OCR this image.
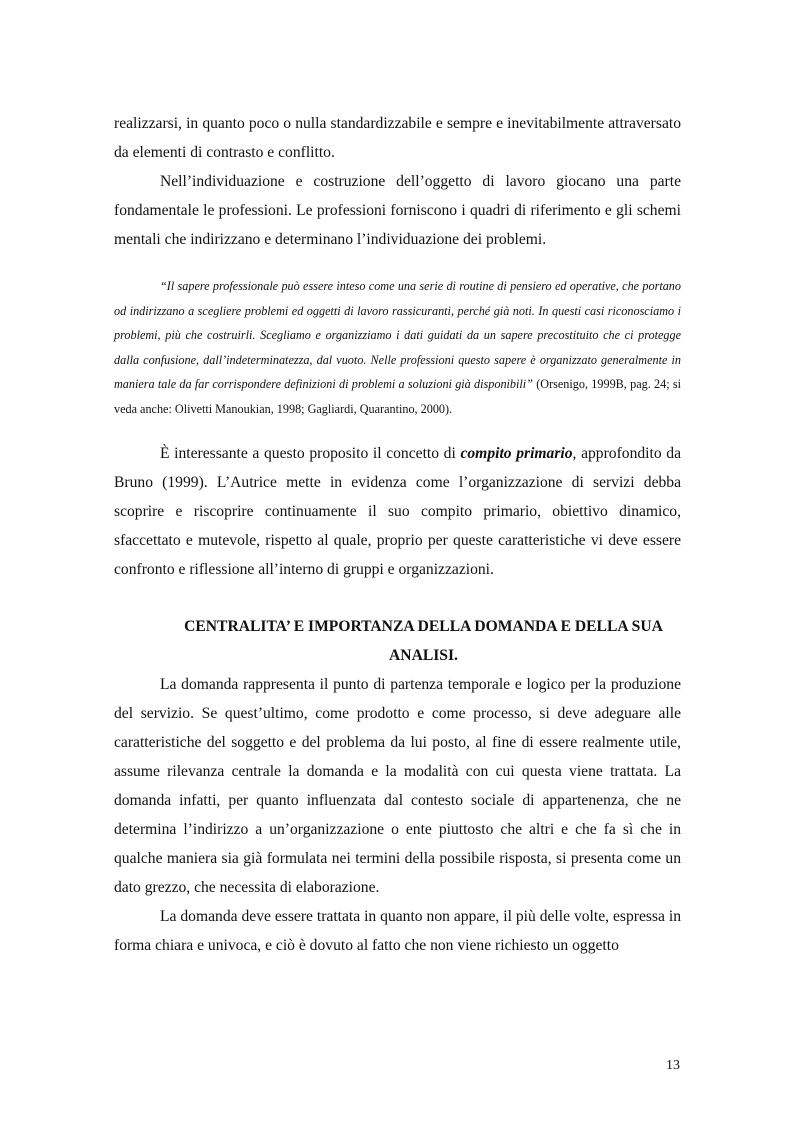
realizzarsi, in quanto poco o nulla standardizzabile e sempre e inevitabilmente attraversato da elementi di contrasto e conflitto.

Nell’individuazione e costruzione dell’oggetto di lavoro giocano una parte fondamentale le professioni. Le professioni forniscono i quadri di riferimento e gli schemi mentali che indirizzano e determinano l’individuazione dei problemi.

“Il sapere professionale può essere inteso come una serie di routine di pensiero ed operative, che portano od indirizzano a scegliere problemi ed oggetti di lavoro rassicuranti, perché già noti. In questi casi riconosciamo i problemi, più che costruirli. Scegliamo e organizziamo i dati guidati da un sapere precostituito che ci protegge dalla confusione, dall’indeterminatezza, dal vuoto. Nelle professioni questo sapere è organizzato generalmente in maniera tale da far corrispondere definizioni di problemi a soluzioni già disponibili” (Orsenigo, 1999B, pag. 24; si veda anche: Olivetti Manoukian, 1998; Gagliardi, Quarantino, 2000).

È interessante a questo proposito il concetto di compito primario, approfondito da Bruno (1999). L’Autrice mette in evidenza come l’organizzazione di servizi debba scoprire e riscoprire continuamente il suo compito primario, obiettivo dinamico, sfaccettato e mutevole, rispetto al quale, proprio per queste caratteristiche vi deve essere confronto e riflessione all’interno di gruppi e organizzazioni.

CENTRALITA’ E IMPORTANZA DELLA DOMANDA E DELLA SUA
ANALISI.

La domanda rappresenta il punto di partenza temporale e logico per la produzione del servizio. Se quest’ultimo, come prodotto e come processo, si deve adeguare alle caratteristiche del soggetto e del problema da lui posto, al fine di essere realmente utile, assume rilevanza centrale la domanda e la modalità con cui questa viene trattata. La domanda infatti, per quanto influenzata dal contesto sociale di appartenenza, che ne determina l’indirizzo a un’organizzazione o ente piuttosto che altri e che fa sì che in qualche maniera sia già formulata nei termini della possibile risposta, si presenta come un dato grezzo, che necessita di elaborazione.

La domanda deve essere trattata in quanto non appare, il più delle volte, espressa in forma chiara e univoca, e ciò è dovuto al fatto che non viene richiesto un oggetto

13
